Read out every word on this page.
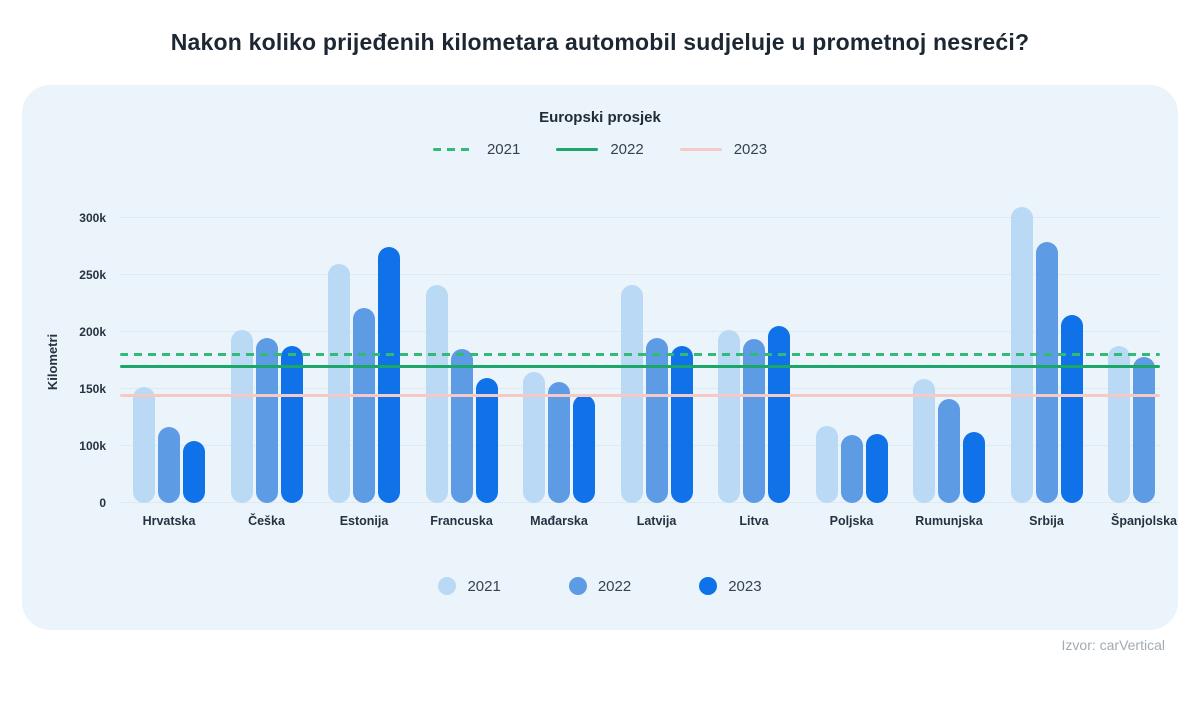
Nakon koliko prijeđenih kilometara automobil sudjeluje u prometnoj nesreći?
Europski prosjek
2021	2022	2023
Kilometri
0
100k
150k
200k
250k
300k
Hrvatska	Češka	Estonija	Francuska	Mađarska	Latvija	Litva	Poljska	Rumunjska	Srbija	Španjolska
2021	2022	2023
Izvor: carVertical
